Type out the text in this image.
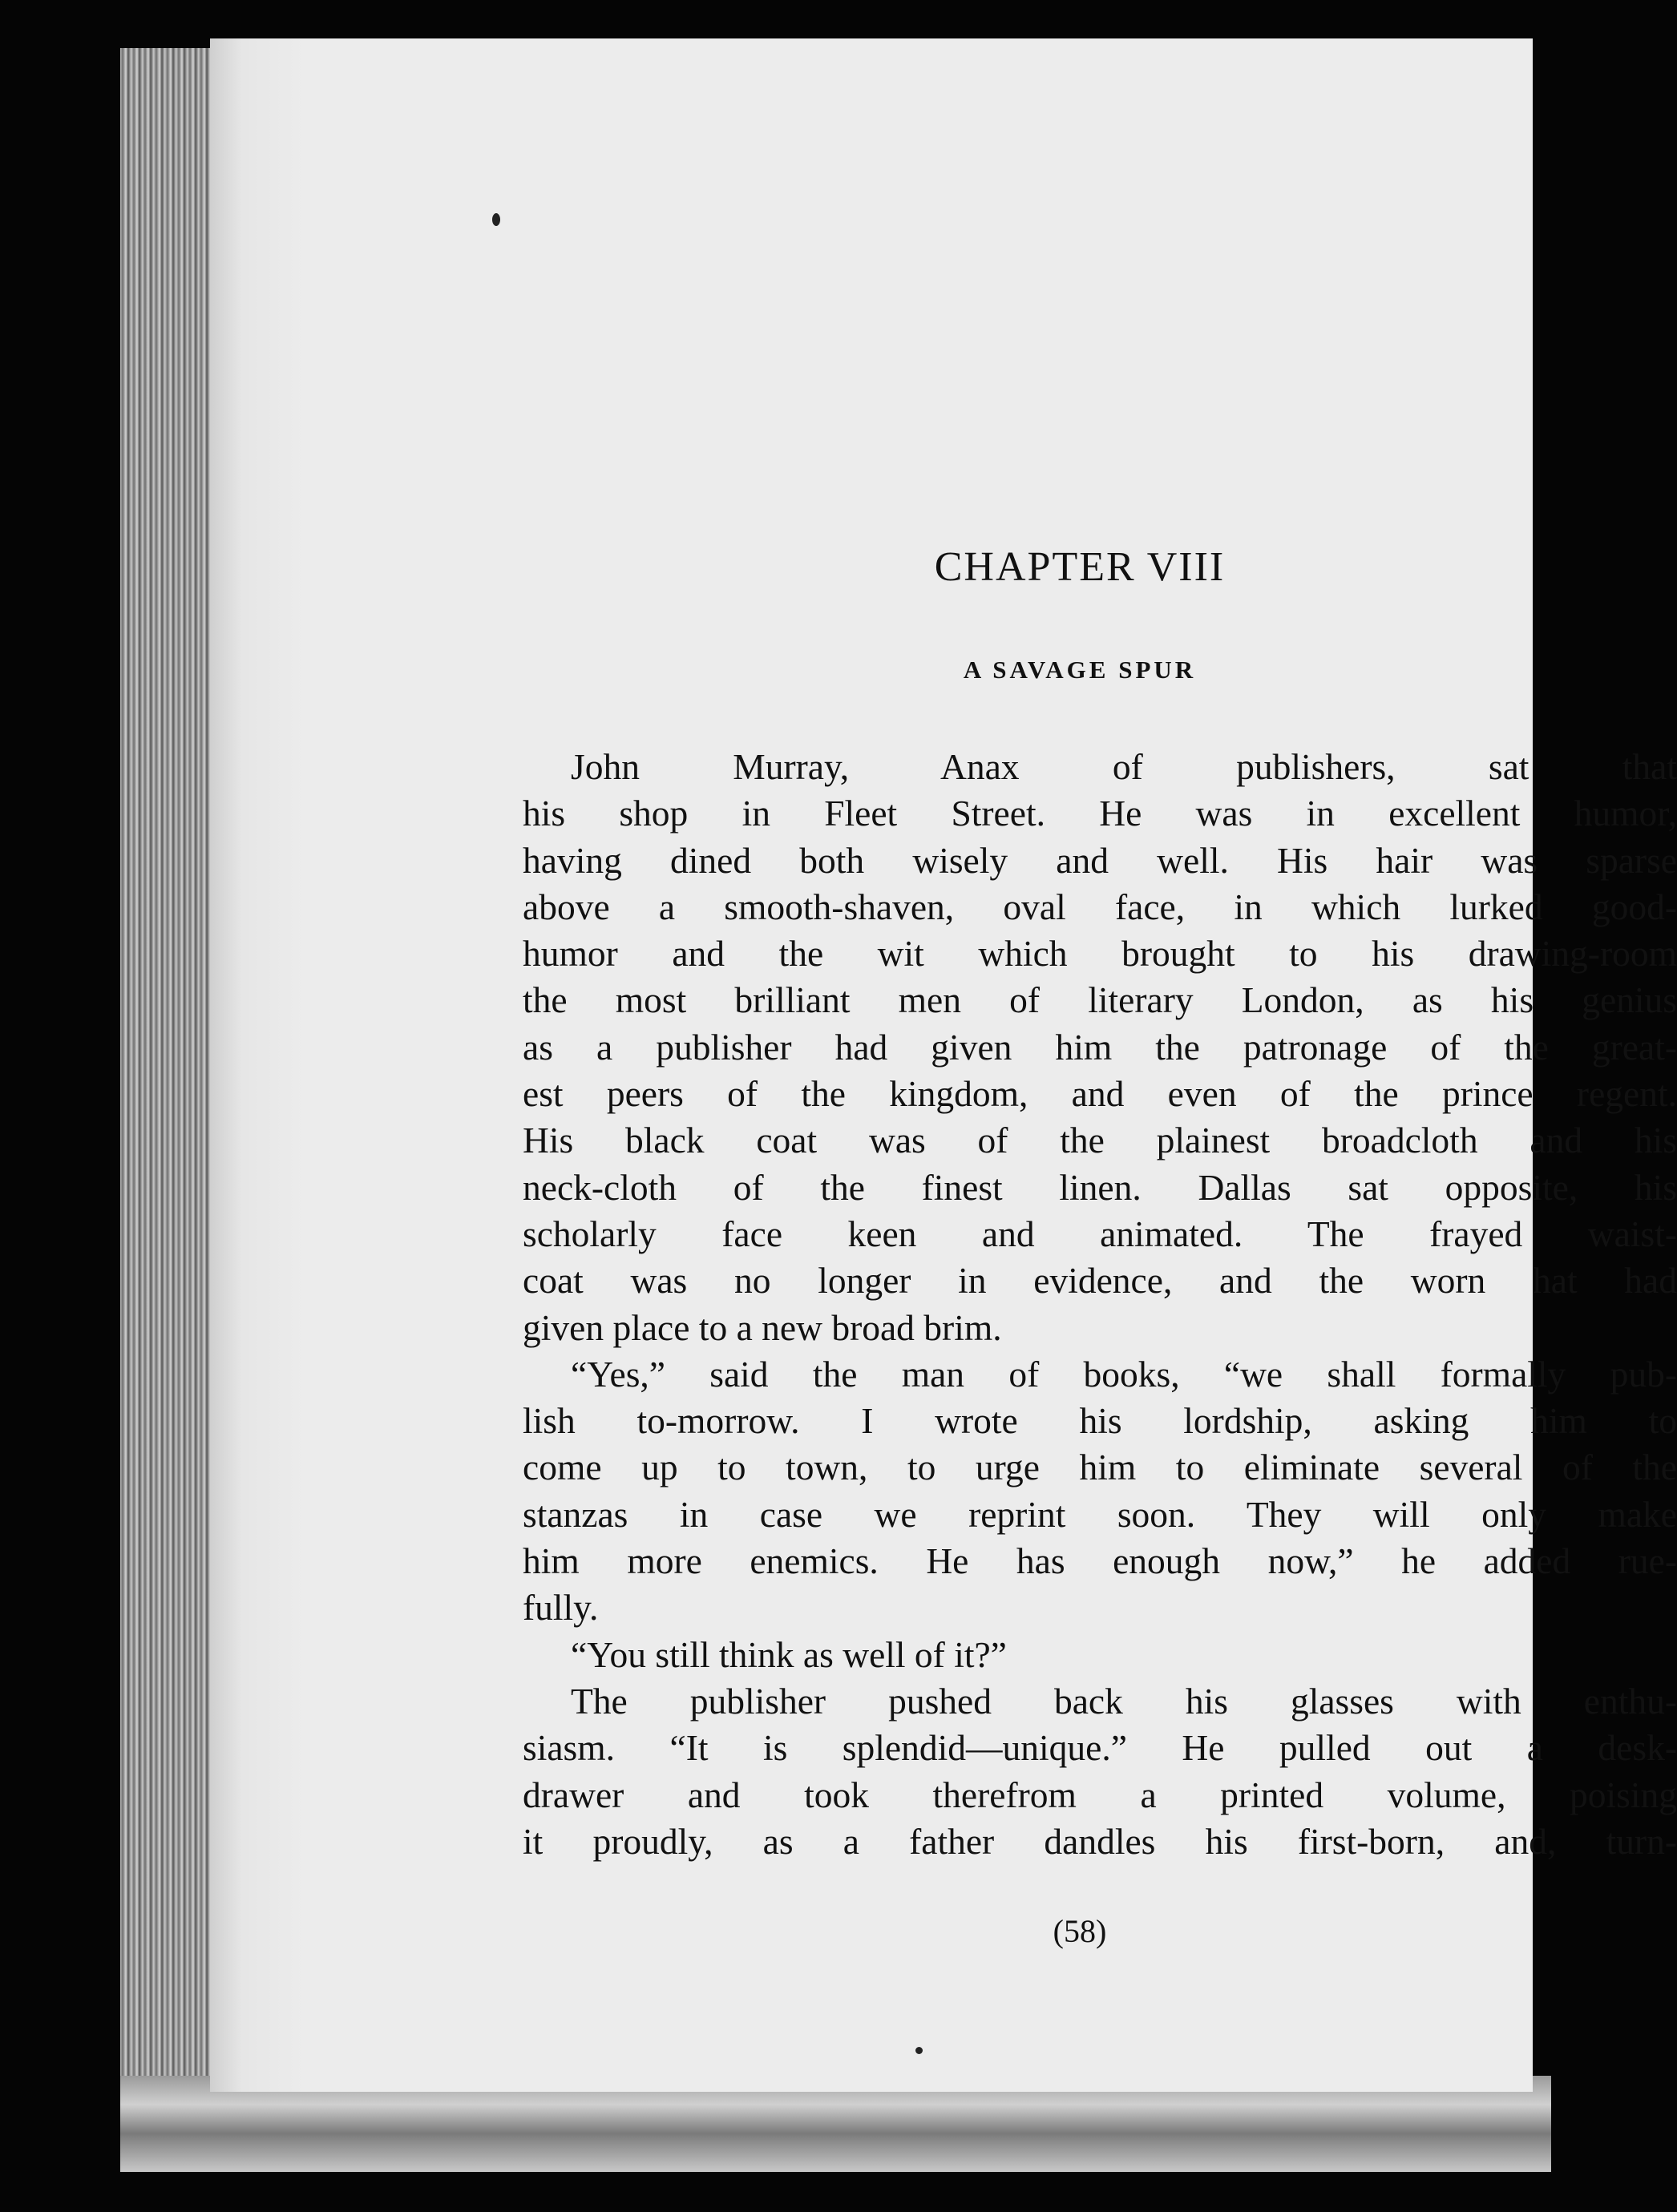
CHAPTER VIII
A SAVAGE SPUR

John Murray, Anax of publishers, sat that

his shop in Fleet Street. He was in excellent humor,

having dined both wisely and well. His hair was sparse

above a smooth-shaven, oval face, in which lurked good-

humor and the wit which brought to his drawing-room

the most brilliant men of literary London, as his genius

as a publisher had given him the patronage of the great-

est peers of the kingdom, and even of the prince regent.

His black coat was of the plainest broadcloth and his

neck-cloth of the finest linen. Dallas sat opposite, his

scholarly face keen and animated. The frayed waist-

coat was no longer in evidence, and the worn hat had

given place to a new broad brim.

“Yes,” said the man of books, “we shall formally pub-

lish to-morrow. I wrote his lordship, asking him to

come up to town, to urge him to eliminate several of the

stanzas in case we reprint soon. They will only make

him more enemics. He has enough now,” he added rue-

fully.

“You still think as well of it?”

The publisher pushed back his glasses with enthu-

siasm. “It is splendid—unique.” He pulled out a desk-

drawer and took therefrom a printed volume, poising

it proudly, as a father dandles his first-born, and, turn-

(58)
